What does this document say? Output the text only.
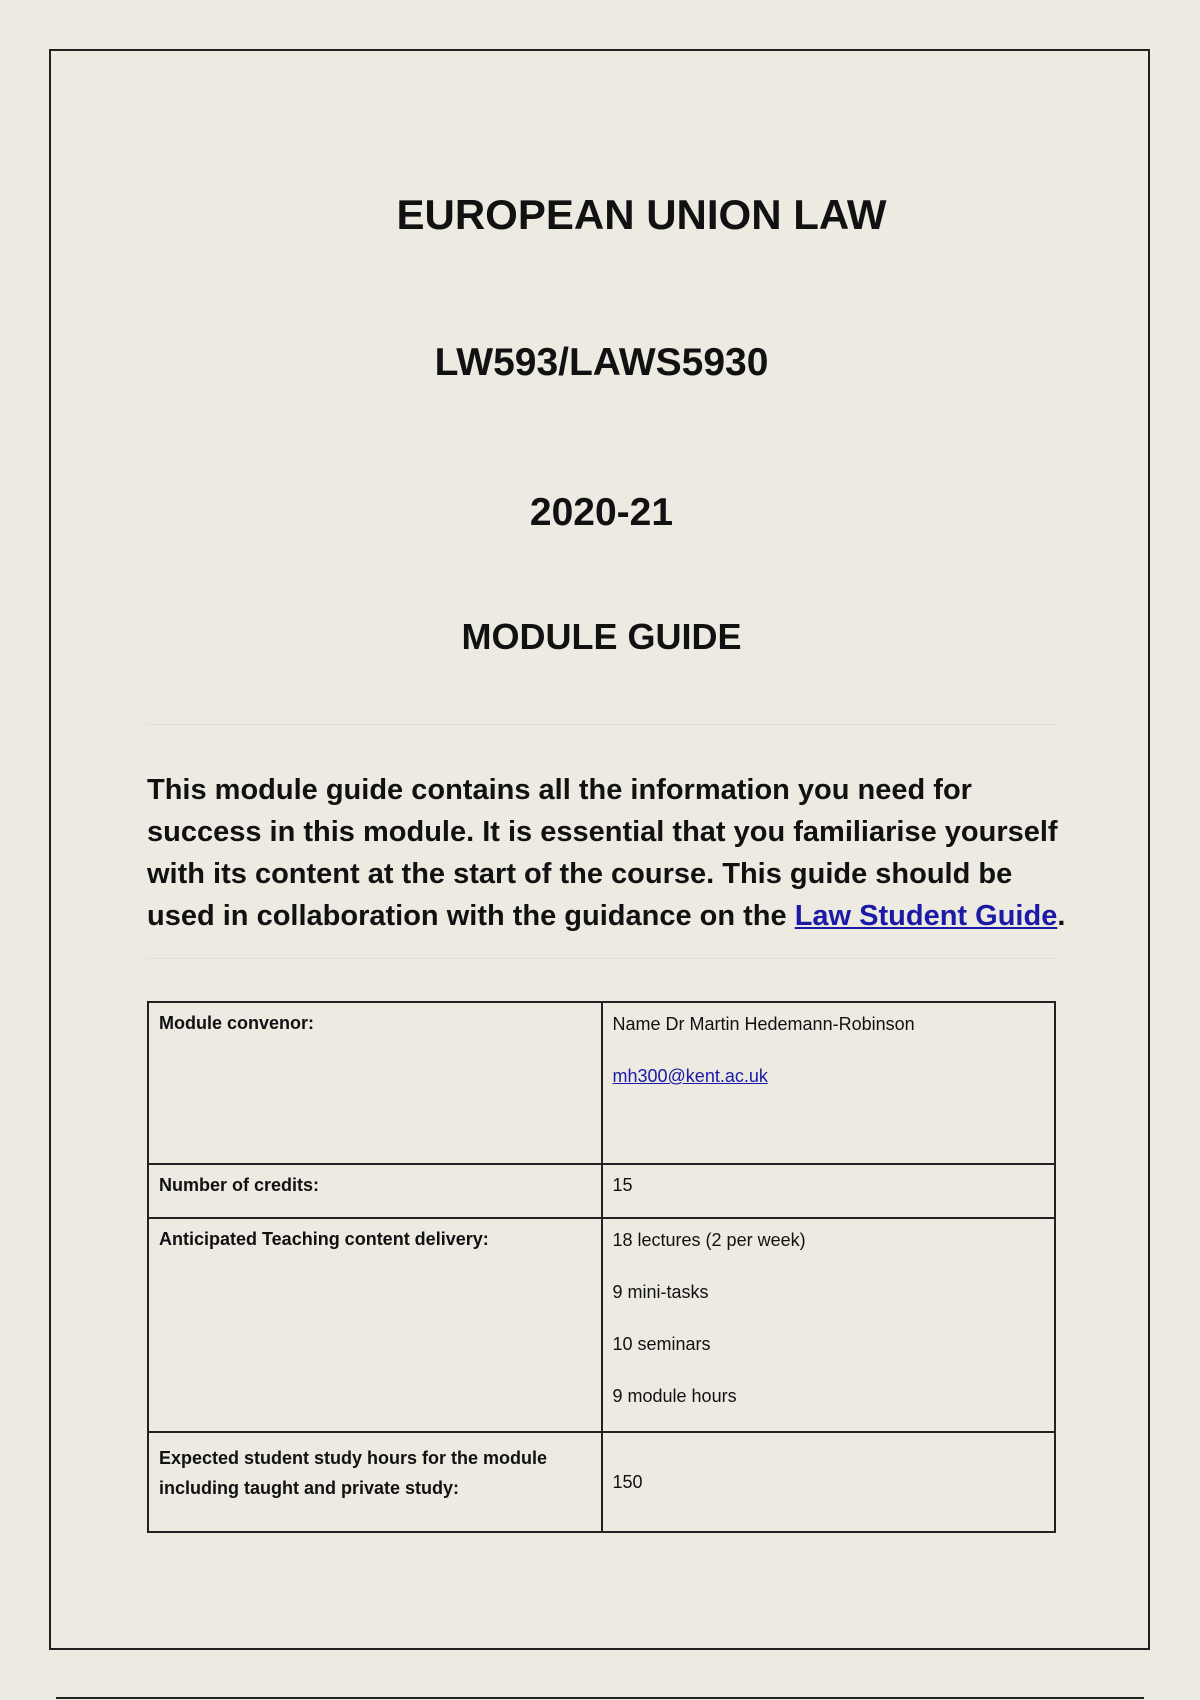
EUROPEAN UNION LAW
LW593/LAWS5930
2020-21
MODULE GUIDE
This module guide contains all the information you need for success in this module. It is essential that you familiarise yourself with its content at the start of the course. This guide should be used in collaboration with the guidance on the Law Student Guide.
Module convenor:	Name Dr Martin Hedemann-Robinson
mh300@kent.ac.uk

Number of credits:	15
Anticipated Teaching content delivery:	18 lectures (2 per week)
9 mini-tasks
10 seminars
9 module hours

Expected student study hours for the module including taught and private study:	150
